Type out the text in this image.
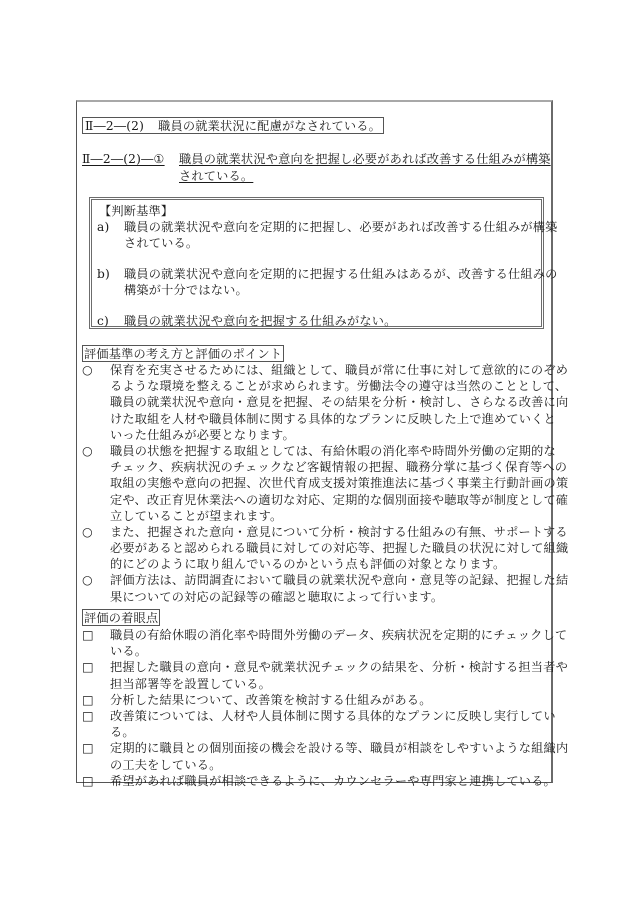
Ⅱ―2―(2) 職員の就業状況に配慮がなされている。
Ⅱ―2―(2)―①	職員の就業状況や意向を把握し必要があれば改善する仕組みが構築
されている。
【判断基準】
a)	職員の就業状況や意向を定期的に把握し、必要があれば改善する仕組みが構築
されている。
b)	職員の就業状況や意向を定期的に把握する仕組みはあるが、改善する仕組みの
構築が十分ではない。
c)	職員の就業状況や意向を把握する仕組みがない。
評価基準の考え方と評価のポイント
○	保育を充実させるためには、組織として、職員が常に仕事に対して意欲的にのぞめ
るような環境を整えることが求められます。労働法令の遵守は当然のこととして、
職員の就業状況や意向・意見を把握、その結果を分析・検討し、さらなる改善に向
けた取組を人材や職員体制に関する具体的なプランに反映した上で進めていくと
いった仕組みが必要となります。
○	職員の状態を把握する取組としては、有給休暇の消化率や時間外労働の定期的な
チェック、疾病状況のチェックなど客観情報の把握、職務分掌に基づく保育等への
取組の実態や意向の把握、次世代育成支援対策推進法に基づく事業主行動計画の策
定や、改正育児休業法への適切な対応、定期的な個別面接や聴取等が制度として確
立していることが望まれます。
○	また、把握された意向・意見について分析・検討する仕組みの有無、サポートする
必要があると認められる職員に対しての対応等、把握した職員の状況に対して組織
的にどのように取り組んでいるのかという点も評価の対象となります。
○	評価方法は、訪問調査において職員の就業状況や意向・意見等の記録、把握した結
果についての対応の記録等の確認と聴取によって行います。
評価の着眼点
□	職員の有給休暇の消化率や時間外労働のデータ、疾病状況を定期的にチェックして
いる。
□	把握した職員の意向・意見や就業状況チェックの結果を、分析・検討する担当者や
担当部署等を設置している。
□	分析した結果について、改善策を検討する仕組みがある。
□	改善策については、人材や人員体制に関する具体的なプランに反映し実行してい
る。
□	定期的に職員との個別面接の機会を設ける等、職員が相談をしやすいような組織内
の工夫をしている。
□	希望があれば職員が相談できるように、カウンセラーや専門家と連携している。
